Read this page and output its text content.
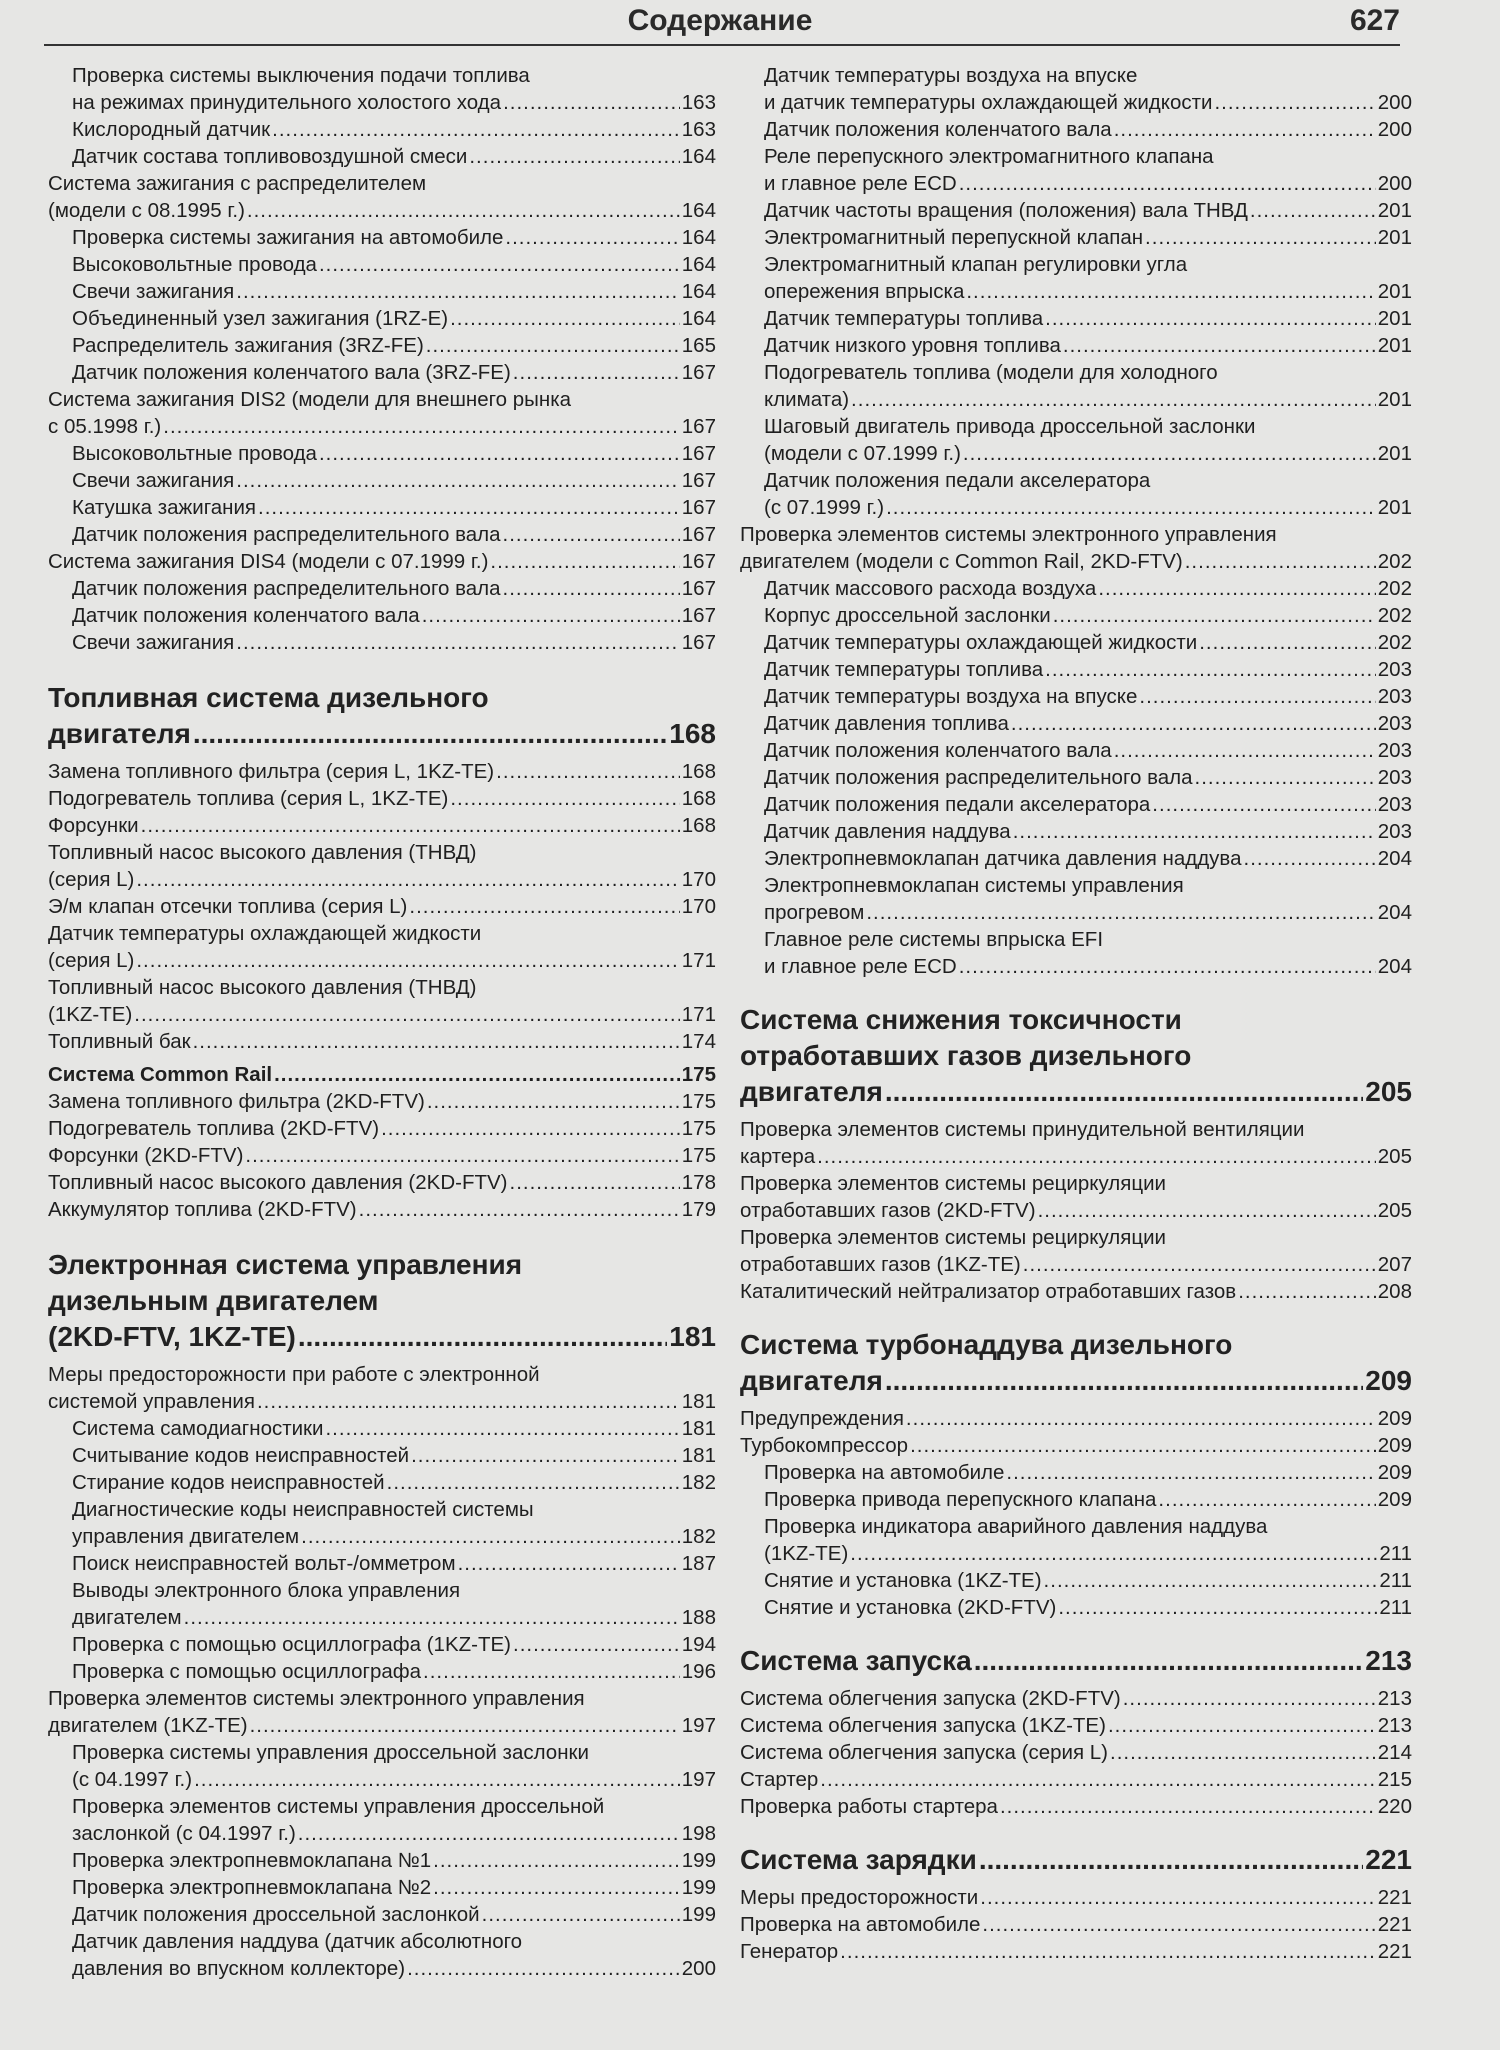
Содержание	627
Проверка системы выключения подачи топлива
на режимах принудительного холостого хода .....	163
Кислородный датчик .....	163
Датчик состава топливовоздушной смеси .....	164
Система зажигания с распределителем
(модели с 08.1995 г.) .....	164
Проверка системы зажигания на автомобиле .....	164
Высоковольтные провода .....	164
Свечи зажигания .....	164
Объединенный узел зажигания (1RZ-E) .....	164
Распределитель зажигания (3RZ-FE) .....	165
Датчик положения коленчатого вала (3RZ-FE) .....	167
Система зажигания DIS2 (модели для внешнего рынка
с 05.1998 г.) .....	167
Высоковольтные провода .....	167
Свечи зажигания .....	167
Катушка зажигания .....	167
Датчик положения распределительного вала .....	167
Система зажигания DIS4 (модели с 07.1999 г.) .....	167
Датчик положения распределительного вала .....	167
Датчик положения коленчатого вала .....	167
Свечи зажигания .....	167
Топливная система дизельного
двигателя .....	168
Замена топливного фильтра (серия L, 1KZ-TE) .....	168
Подогреватель топлива (серия L, 1KZ-TE) .....	168
Форсунки .....	168
Топливный насос высокого давления (ТНВД)
(серия L) .....	170
Э/м клапан отсечки топлива (серия L) .....	170
Датчик температуры охлаждающей жидкости
(серия L) .....	171
Топливный насос высокого давления (ТНВД)
(1KZ-TE) .....	171
Топливный бак .....	174
Система Common Rail .....	175
Замена топливного фильтра (2KD-FTV) .....	175
Подогреватель топлива (2KD-FTV) .....	175
Форсунки (2KD-FTV) .....	175
Топливный насос высокого давления (2KD-FTV) .....	178
Аккумулятор топлива (2KD-FTV) .....	179
Электронная система управления
дизельным двигателем
(2KD-FTV, 1KZ-TE) .....	181
Меры предосторожности при работе с электронной
системой управления .....	181
Система самодиагностики .....	181
Считывание кодов неисправностей .....	181
Стирание кодов неисправностей .....	182
Диагностические коды неисправностей системы
управления двигателем .....	182
Поиск неисправностей вольт-/омметром .....	187
Выводы электронного блока управления
двигателем .....	188
Проверка с помощью осциллографа (1KZ-TE) .....	194
Проверка с помощью осциллографа .....	196
Проверка элементов системы электронного управления
двигателем (1KZ-TE) .....	197
Проверка системы управления дроссельной заслонки
(с 04.1997 г.) .....	197
Проверка элементов системы управления дроссельной
заслонкой (с 04.1997 г.) .....	198
Проверка электропневмоклапана №1 .....	199
Проверка электропневмоклапана №2 .....	199
Датчик положения дроссельной заслонкой .....	199
Датчик давления наддува (датчик абсолютного
давления во впускном коллекторе) .....	200
Датчик температуры воздуха на впуске
и датчик температуры охлаждающей жидкости .....	200
Датчик положения коленчатого вала .....	200
Реле перепускного электромагнитного клапана
и главное реле ECD .....	200
Датчик частоты вращения (положения) вала ТНВД .....	201
Электромагнитный перепускной клапан .....	201
Электромагнитный клапан регулировки угла
опережения впрыска .....	201
Датчик температуры топлива .....	201
Датчик низкого уровня топлива .....	201
Подогреватель топлива (модели для холодного
климата) .....	201
Шаговый двигатель привода дроссельной заслонки
(модели с 07.1999 г.) .....	201
Датчик положения педали акселератора
(с 07.1999 г.) .....	201
Проверка элементов системы электронного управления
двигателем (модели с Common Rail, 2KD-FTV) .....	202
Датчик массового расхода воздуха .....	202
Корпус дроссельной заслонки .....	202
Датчик температуры охлаждающей жидкости .....	202
Датчик температуры топлива .....	203
Датчик температуры воздуха на впуске .....	203
Датчик давления топлива .....	203
Датчик положения коленчатого вала .....	203
Датчик положения распределительного вала .....	203
Датчик положения педали акселератора .....	203
Датчик давления наддува .....	203
Электропневмоклапан датчика давления наддува .....	204
Электропневмоклапан системы управления
прогревом .....	204
Главное реле системы впрыска EFI
и главное реле ECD .....	204
Система снижения токсичности
отработавших газов дизельного
двигателя .....	205
Проверка элементов системы принудительной вентиляции
картера .....	205
Проверка элементов системы рециркуляции
отработавших газов (2KD-FTV) .....	205
Проверка элементов системы рециркуляции
отработавших газов (1KZ-TE) .....	207
Каталитический нейтрализатор отработавших газов .....	208
Система турбонаддува дизельного
двигателя .....	209
Предупреждения .....	209
Турбокомпрессор .....	209
Проверка на автомобиле .....	209
Проверка привода перепускного клапана .....	209
Проверка индикатора аварийного давления наддува
(1KZ-TE) .....	211
Снятие и установка (1KZ-TE) .....	211
Снятие и установка (2KD-FTV) .....	211
Система запуска .....	213
Система облегчения запуска (2KD-FTV) .....	213
Система облегчения запуска (1KZ-TE) .....	213
Система облегчения запуска (серия L) .....	214
Стартер .....	215
Проверка работы стартера .....	220
Система зарядки .....	221
Меры предосторожности .....	221
Проверка на автомобиле .....	221
Генератор .....	221
